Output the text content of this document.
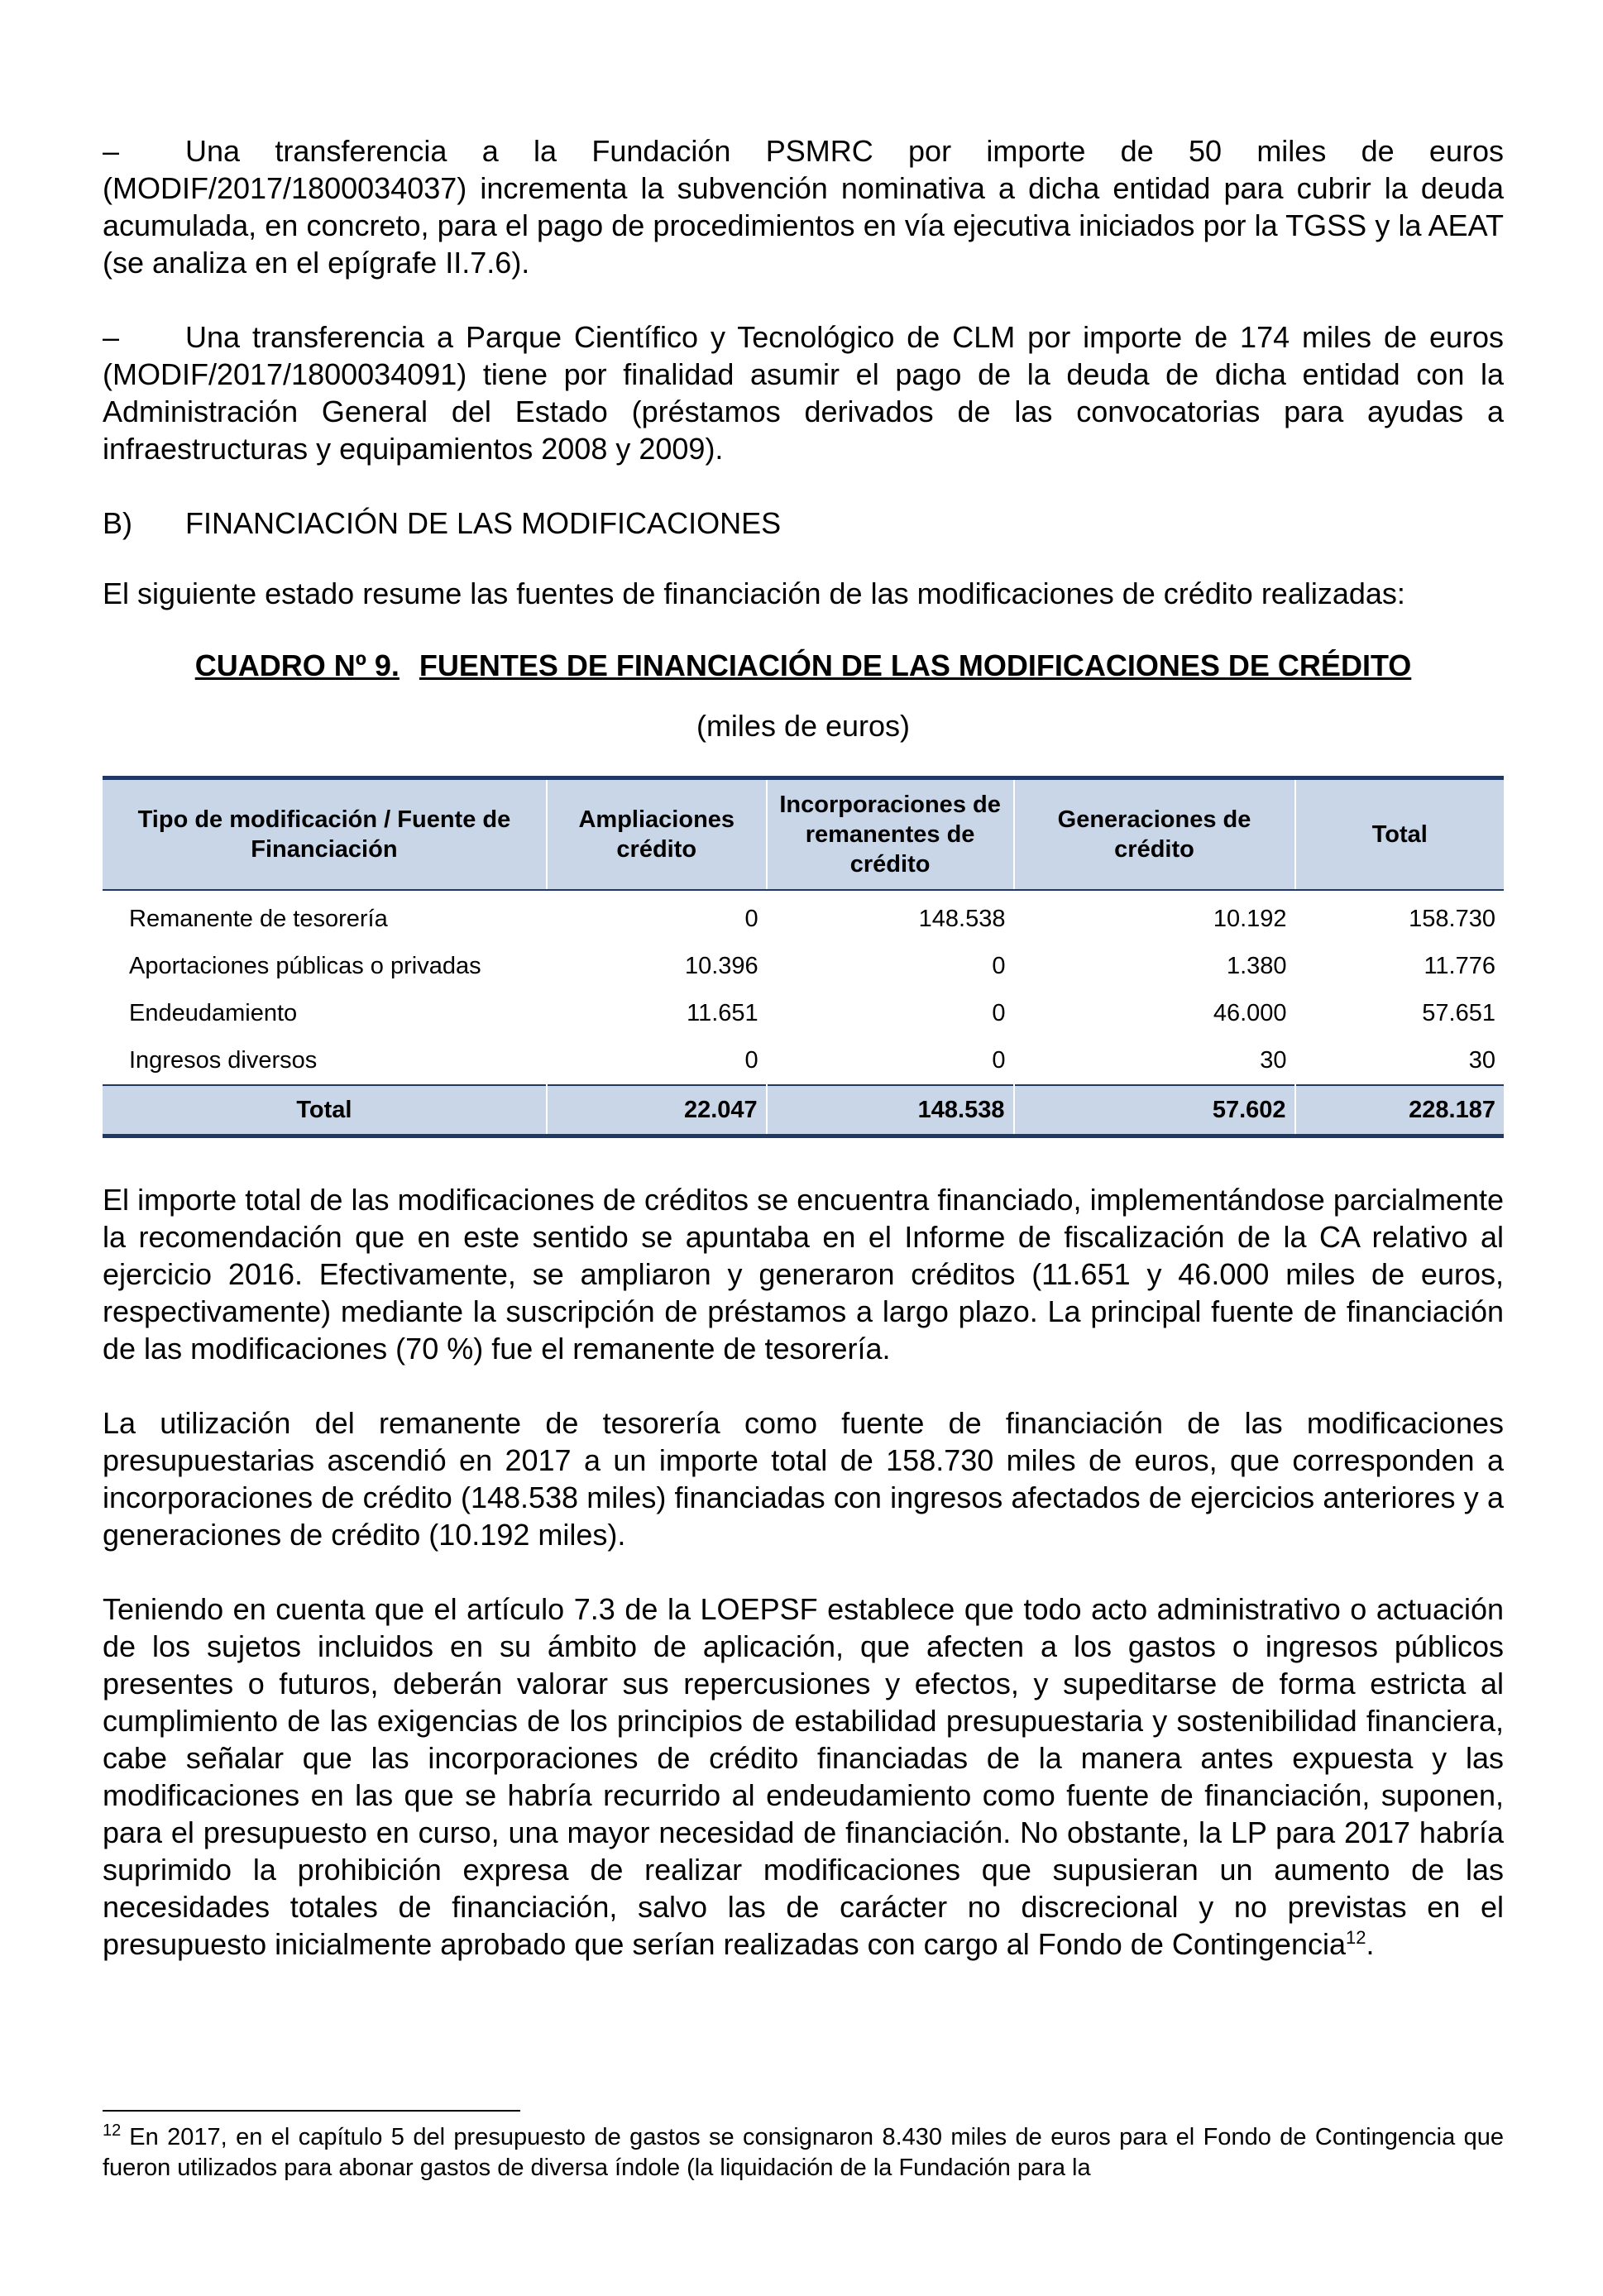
– Una transferencia a la Fundación PSMRC por importe de 50 miles de euros (MODIF/2017/1800034037) incrementa la subvención nominativa a dicha entidad para cubrir la deuda acumulada, en concreto, para el pago de procedimientos en vía ejecutiva iniciados por la TGSS y la AEAT (se analiza en el epígrafe II.7.6).

– Una transferencia a Parque Científico y Tecnológico de CLM por importe de 174 miles de euros (MODIF/2017/1800034091) tiene por finalidad asumir el pago de la deuda de dicha entidad con la Administración General del Estado (préstamos derivados de las convocatorias para ayudas a infraestructuras y equipamientos 2008 y 2009).

B) FINANCIACIÓN DE LAS MODIFICACIONES

El siguiente estado resume las fuentes de financiación de las modificaciones de crédito realizadas:

CUADRO Nº 9. FUENTES DE FINANCIACIÓN DE LAS MODIFICACIONES DE CRÉDITO
(miles de euros)
Tipo de modificación / Fuente de Financiación	Ampliaciones crédito	Incorporaciones de remanentes de crédito	Generaciones de crédito	Total
Remanente de tesorería	0	148.538	10.192	158.730
Aportaciones públicas o privadas	10.396	0	1.380	11.776
Endeudamiento	11.651	0	46.000	57.651
Ingresos diversos	0	0	30	30
Total	22.047	148.538	57.602	228.187

El importe total de las modificaciones de créditos se encuentra financiado, implementándose parcialmente la recomendación que en este sentido se apuntaba en el Informe de fiscalización de la CA relativo al ejercicio 2016. Efectivamente, se ampliaron y generaron créditos (11.651 y 46.000 miles de euros, respectivamente) mediante la suscripción de préstamos a largo plazo. La principal fuente de financiación de las modificaciones (70 %) fue el remanente de tesorería.

La utilización del remanente de tesorería como fuente de financiación de las modificaciones presupuestarias ascendió en 2017 a un importe total de 158.730 miles de euros, que corresponden a incorporaciones de crédito (148.538 miles) financiadas con ingresos afectados de ejercicios anteriores y a generaciones de crédito (10.192 miles).

Teniendo en cuenta que el artículo 7.3 de la LOEPSF establece que todo acto administrativo o actuación de los sujetos incluidos en su ámbito de aplicación, que afecten a los gastos o ingresos públicos presentes o futuros, deberán valorar sus repercusiones y efectos, y supeditarse de forma estricta al cumplimiento de las exigencias de los principios de estabilidad presupuestaria y sostenibilidad financiera, cabe señalar que las incorporaciones de crédito financiadas de la manera antes expuesta y las modificaciones en las que se habría recurrido al endeudamiento como fuente de financiación, suponen, para el presupuesto en curso, una mayor necesidad de financiación. No obstante, la LP para 2017 habría suprimido la prohibición expresa de realizar modificaciones que supusieran un aumento de las necesidades totales de financiación, salvo las de carácter no discrecional y no previstas en el presupuesto inicialmente aprobado que serían realizadas con cargo al Fondo de Contingencia$^{12}$.

$^{12}$ En 2017, en el capítulo 5 del presupuesto de gastos se consignaron 8.430 miles de euros para el Fondo de Contingencia que fueron utilizados para abonar gastos de diversa índole (la liquidación de la Fundación para la
